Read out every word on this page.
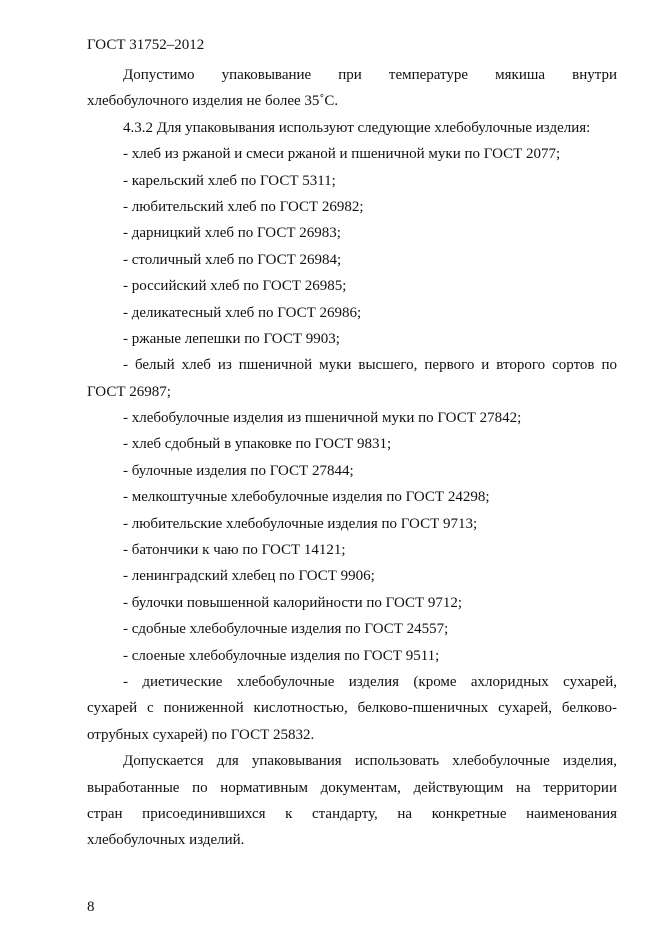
ГОСТ 31752–2012
Допустимо упаковывание при температуре мякиша внутри
хлебобулочного изделия не более 35˚С.
4.3.2 Для упаковывания используют следующие хлебобулочные изделия:
- хлеб из ржаной и смеси ржаной и пшеничной муки по ГОСТ 2077;
- карельский хлеб по ГОСТ 5311;
- любительский хлеб по ГОСТ 26982;
- дарницкий хлеб по ГОСТ 26983;
- столичный хлеб по ГОСТ 26984;
- российский хлеб по ГОСТ 26985;
- деликатесный хлеб по ГОСТ 26986;
- ржаные лепешки по ГОСТ 9903;
- белый хлеб из пшеничной муки высшего, первого и второго сортов по
ГОСТ 26987;
- хлебобулочные изделия из пшеничной муки по ГОСТ 27842;
- хлеб сдобный в упаковке по ГОСТ 9831;
- булочные изделия по ГОСТ 27844;
- мелкоштучные хлебобулочные изделия по ГОСТ 24298;
- любительские хлебобулочные изделия по ГОСТ 9713;
- батончики к чаю по ГОСТ 14121;
- ленинградский хлебец по ГОСТ 9906;
- булочки повышенной калорийности по ГОСТ 9712;
- сдобные хлебобулочные изделия по ГОСТ 24557;
- слоеные хлебобулочные изделия по ГОСТ 9511;
- диетические хлебобулочные изделия (кроме ахлоридных сухарей,
сухарей с пониженной кислотностью, белково-пшеничных сухарей, белково-
отрубных сухарей) по ГОСТ 25832.
Допускается для упаковывания использовать хлебобулочные изделия,
выработанные по нормативным документам, действующим на территории
стран присоединившихся к стандарту, на конкретные наименования
хлебобулочных изделий.
8
